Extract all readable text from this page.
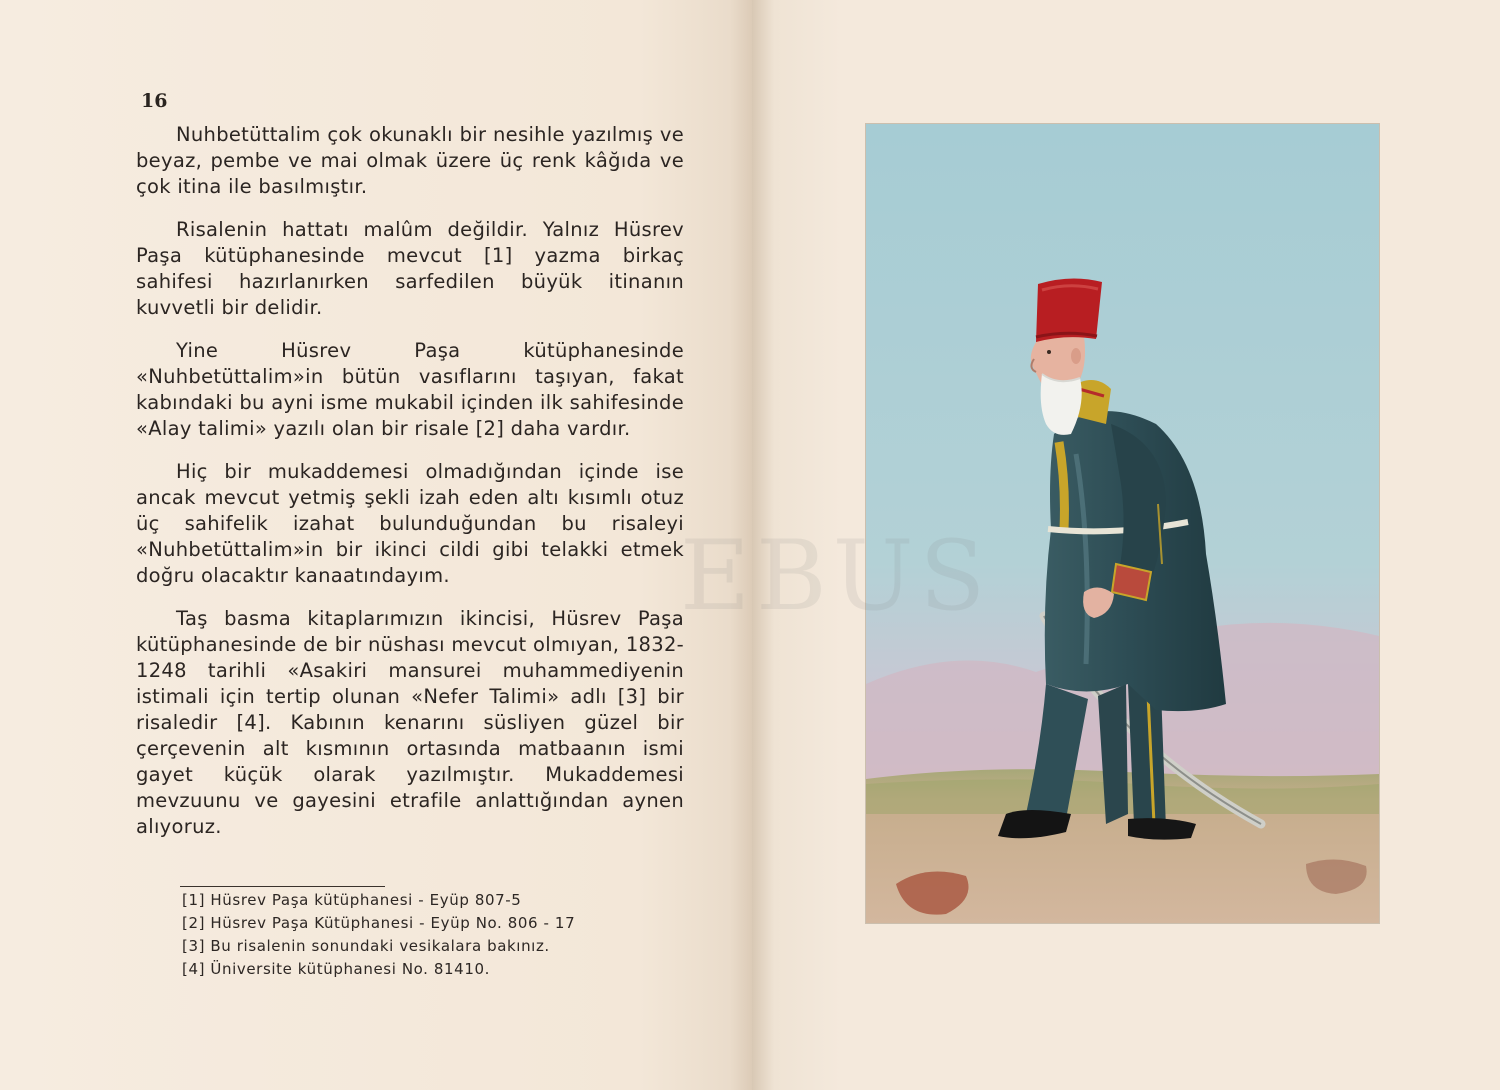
16

Nuhbetüttalim çok okunaklı bir nesihle yazılmış ve beyaz, pembe ve mai olmak üzere üç renk kâğıda ve çok itina ile basılmıştır.

Risalenin hattatı malûm değildir. Yalnız Hüsrev Paşa kütüphanesinde mevcut [1] yazma birkaç sahifesi hazırlanırken sarfedilen büyük itinanın kuvvetli bir delidir.

Yine Hüsrev Paşa kütüphanesinde «Nuhbetüttalim»in bütün vasıflarını taşıyan, fakat kabındaki bu ayni isme mukabil içinden ilk sahifesinde «Alay talimi» yazılı olan bir risale [2] daha vardır.

Hiç bir mukaddemesi olmadığından içinde ise ancak mevcut yetmiş şekli izah eden altı kısımlı otuz üç sahifelik izahat bulunduğundan bu risaleyi «Nuhbetüttalim»in bir ikinci cildi gibi telakki etmek doğru olacaktır kanaatındayım.

Taş basma kitaplarımızın ikincisi, Hüsrev Paşa kütüphanesinde de bir nüshası mevcut olmıyan, 1832-1248 tarihli «Asakiri mansurei muhammediyenin istimali için tertip olunan «Nefer Talimi» adlı [3] bir risaledir [4]. Kabının kenarını süsliyen güzel bir çerçevenin alt kısmının ortasında matbaanın ismi gayet küçük olarak yazılmıştır. Mukaddemesi mevzuunu ve gayesini etrafile anlattığından aynen alıyoruz.

[1] Hüsrev Paşa kütüphanesi - Eyüp 807-5
[2] Hüsrev Paşa Kütüphanesi - Eyüp No. 806 - 17
[3] Bu risalenin sonundaki vesikalara bakınız.
[4] Üniversite kütüphanesi No. 81410.
EBUS
